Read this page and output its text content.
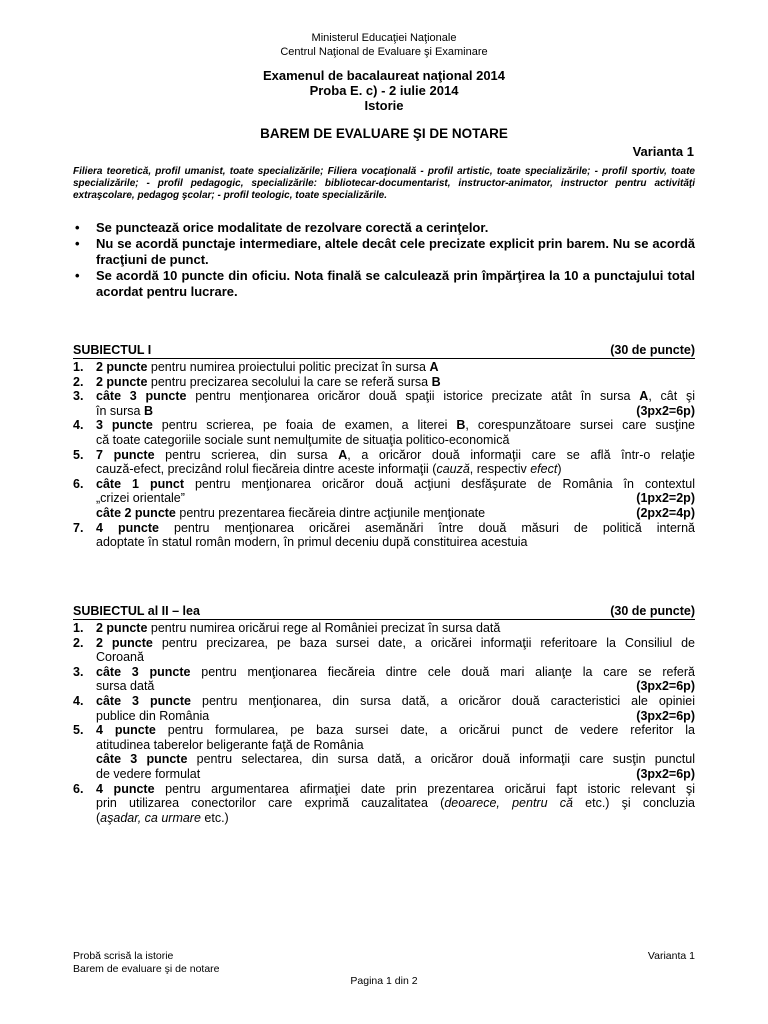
Ministerul Educaţiei Naţionale
Centrul Naţional de Evaluare şi Examinare
Examenul de bacalaureat naţional 2014
Proba E. c) - 2 iulie 2014
Istorie
BAREM DE EVALUARE ŞI DE NOTARE
Varianta 1
Filiera teoretică, profil umanist, toate specializările; Filiera vocaţională - profil artistic, toate specializările; - profil sportiv, toate specializările; - profil pedagogic, specializările: bibliotecar-documentarist, instructor-animator, instructor pentru activităţi extraşcolare, pedagog şcolar; - profil teologic, toate specializările.
• Se punctează orice modalitate de rezolvare corectă a cerinţelor.
• Nu se acordă punctaje intermediare, altele decât cele precizate explicit prin barem. Nu se acordă fracţiuni de punct.
• Se acordă 10 puncte din oficiu. Nota finală se calculează prin împărţirea la 10 a punctajului total acordat pentru lucrare.
SUBIECTUL I	(30 de puncte)
1.	2 puncte pentru numirea proiectului politic precizat în sursa A
2.	2 puncte pentru precizarea secolului la care se referă sursa B
3.	câte 3 puncte pentru menţionarea oricăror două spaţii istorice precizate atât în sursa A, cât şi
în sursa B	(3px2=6p)
4.	3 puncte pentru scrierea, pe foaia de examen, a literei B, corespunzătoare sursei care susţine
că toate categoriile sociale sunt nemulţumite de situaţia politico-economică
5.	7 puncte pentru scrierea, din sursa A, a oricăror două informaţii care se află într-o relaţie
cauză-efect, precizând rolul fiecăreia dintre aceste informaţii (cauză, respectiv efect)
6.	câte 1 punct pentru menţionarea oricăror două acţiuni desfăşurate de România în contextul
„crizei orientale”	(1px2=2p)
câte 2 puncte pentru prezentarea fiecăreia dintre acţiunile menţionate	(2px2=4p)
7.	4 puncte pentru menţionarea oricărei asemănări între două măsuri de politică internă
adoptate în statul român modern, în primul deceniu după constituirea acestuia
SUBIECTUL al II – lea	(30 de puncte)
1.	2 puncte pentru numirea oricărui rege al României precizat în sursa dată
2.	2 puncte pentru precizarea, pe baza sursei date, a oricărei informaţii referitoare la Consiliul de
Coroană
3.	câte 3 puncte pentru menţionarea fiecăreia dintre cele două mari alianţe la care se referă
sursa dată	(3px2=6p)
4.	câte 3 puncte pentru menţionarea, din sursa dată, a oricăror două caracteristici ale opiniei
publice din România	(3px2=6p)
5.	4 puncte pentru formularea, pe baza sursei date, a oricărui punct de vedere referitor la
atitudinea taberelor beligerante faţă de România
câte 3 puncte pentru selectarea, din sursa dată, a oricăror două informaţii care susţin punctul
de vedere formulat	(3px2=6p)
6.	4 puncte pentru argumentarea afirmaţiei date prin prezentarea oricărui fapt istoric relevant şi
prin utilizarea conectorilor care exprimă cauzalitatea (deoarece, pentru că etc.) şi concluzia
(aşadar, ca urmare etc.)
Probă scrisă la istorie	Varianta 1
Barem de evaluare şi de notare
Pagina 1 din 2
